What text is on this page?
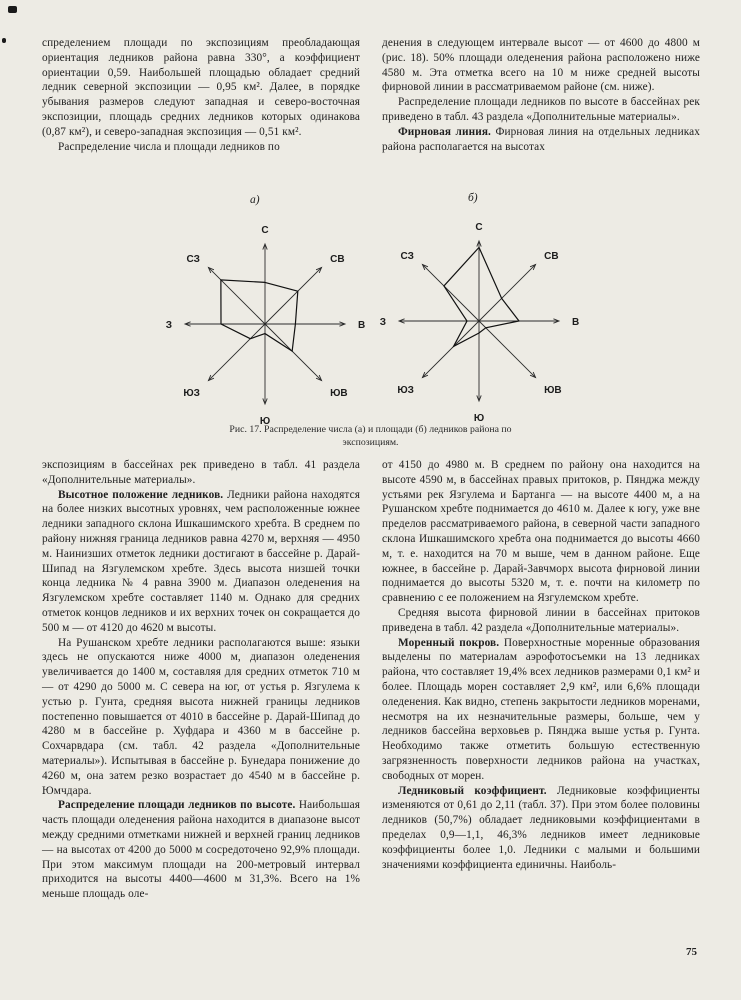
спределением площади по экспозициям преобладающая ориентация ледников района равна 330°, а коэффициент ориентации 0,59. Наибольшей площадью обладает средний ледник северной экспозиции — 0,95 км². Далее, в порядке убывания размеров следуют западная и северо-восточная экспозиции, площадь средних ледников которых одинакова (0,87 км²), и северо-западная экспозиция — 0,51 км².

Распределение числа и площади ледников по

денения в следующем интервале высот — от 4600 до 4800 м (рис. 18). 50% площади оледенения района расположено ниже 4580 м. Эта отметка всего на 10 м ниже средней высоты фирновой линии в рассматриваемом районе (см. ниже).

Распределение площади ледников по высоте в бассейнах рек приведено в табл. 43 раздела «Дополнительные материалы».

Фирновая линия. Фирновая линия на отдельных ледниках района располагается на высотах

а)	б)
С
СВ
В
ЮВ
Ю
ЮЗ
З
СЗ
С
СВ
В
ЮВ
Ю
ЮЗ
З
СЗ
Рис. 17. Распределение числа (а) и площади (б) ледников района по
экспозициям.

экспозициям в бассейнах рек приведено в табл. 41 раздела «Дополнительные материалы».

Высотное положение ледников. Ледники района находятся на более низких высотных уровнях, чем расположенные южнее ледники западного склона Ишкашимского хребта. В среднем по району нижняя граница ледников равна 4270 м, верхняя — 4950 м. Наинизших отметок ледники достигают в бассейне р. Дарай-Шипад на Язгулемском хребте. Здесь высота низшей точки конца ледника № 4 равна 3900 м. Диапазон оледенения на Язгулемском хребте составляет 1140 м. Однако для средних отметок концов ледников и их верхних точек он сокращается до 500 м — от 4120 до 4620 м высоты.

На Рушанском хребте ледники располагаются выше: языки здесь не опускаются ниже 4000 м, диапазон оледенения увеличивается до 1400 м, составляя для средних отметок 710 м — от 4290 до 5000 м. С севера на юг, от устья р. Язгулема к устью р. Гунта, средняя высота нижней границы ледников постепенно повышается от 4010 в бассейне р. Дарай-Шипад до 4280 м в бассейне р. Хуфдара и 4360 м в бассейне р. Сохчарвдара (см. табл. 42 раздела «Дополнительные материалы»). Испытывая в бассейне р. Бунедара понижение до 4260 м, она затем резко возрастает до 4540 м в бассейне р. Юмчдара.

Распределение площади ледников по высоте. Наибольшая часть площади оледенения района находится в диапазоне высот между средними отметками нижней и верхней границ ледников — на высотах от 4200 до 5000 м сосредоточено 92,9% площади. При этом максимум площади на 200-метровый интервал приходится на высоты 4400—4600 м 31,3%. Всего на 1% меньше площадь оле-

от 4150 до 4980 м. В среднем по району она находится на высоте 4590 м, в бассейнах правых притоков, р. Пянджа между устьями рек Язгулема и Бартанга — на высоте 4400 м, а на Рушанском хребте поднимается до 4610 м. Далее к югу, уже вне пределов рассматриваемого района, в северной части западного склона Ишкашимского хребта она поднимается до высоты 4660 м, т. е. находится на 70 м выше, чем в данном районе. Еще южнее, в бассейне р. Дарай-Завчморх высота фирновой линии поднимается до высоты 5320 м, т. е. почти на километр по сравнению с ее положением на Язгулемском хребте.

Средняя высота фирновой линии в бассейнах притоков приведена в табл. 42 раздела «Дополнительные материалы».

Моренный покров. Поверхностные моренные образования выделены по материалам аэрофотосъемки на 13 ледниках района, что составляет 19,4% всех ледников размерами 0,1 км² и более. Площадь морен составляет 2,9 км², или 6,6% площади оледенения. Как видно, степень закрытости ледников моренами, несмотря на их незначительные размеры, больше, чем у ледников бассейна верховьев р. Пянджа выше устья р. Гунта. Необходимо также отметить большую естественную загрязненность поверхности ледников района на участках, свободных от морен.

Ледниковый коэффициент. Ледниковые коэффициенты изменяются от 0,61 до 2,11 (табл. 37). При этом более половины ледников (50,7%) обладает ледниковыми коэффициентами в пределах 0,9—1,1, 46,3% ледников имеет ледниковые коэффициенты более 1,0. Ледники с малыми и большими значениями коэффициента единичны. Наиболь-

75
